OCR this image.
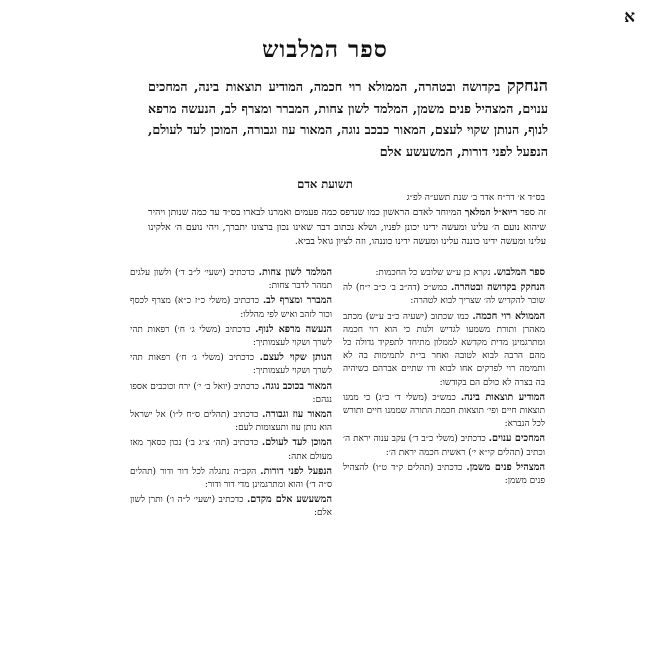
א
ספר המלבוש
הנחקק בקדושה ובטהרה, הממולא רוי חכמה, המודיע תוצאות בינה, המחכים ענוים, המצהיל פנים משמן, המלמד לשון צחות, המברר ומצרף לב, הנעשה מרפא לנוף, הנותן שקוי לעצם, המאור כבכב נוגה, המאור עוז וגבורה, המוכן לעד לעולם, הנפעל לפני דורות, המשעשע אלם
תשועת אדם
בס״ד א׳ דר״ח אדר ב׳ שנת תשע״ה לפ״ג
זה ספר ריוא״ל המלאך המיוחד לאדם הראשון כמו שנדפס כמה פעמים ואמרנו לבארו בס״ד עד כמה שנותן ויהיר שיהוא נועם ה׳ עלינו ומעשה ידינו יכונן לפניו, ושלא נכתוב דבר שאינו נכון ברצונו יתברך, ויהי נועם ה׳ אלקינו עלינו ומעשה ידינו כוננה עלינו ומעשה ידינו כוננהו, וזה לציון גואל בביא.
ספר המלבוש. נקרא כן ע״ש שלובש כל החכמות:
הנחקק בקדושה ובטהרה. כמש״כ (דה״ב ב׳ כ״ב י״ח) לה שוכר להקדיש לה׳ שצריך לבוא לטהרה:
הממולא רוי חכמה. כמו שכתוב (ישעיה כ״ב ע״ש) מכתב מאהרן ותורת משמעו לגדיש ולנות כי הוא רוי חכמה ומתרגמינן מדית מקדשא לממלון מתיחד לתפקיד גדולה כל מהם הרבה לבוא לטובה ואחר בי״ת לתמימות בה לא ותמימה רוי לפרקים אחו לבוא ודו שתיים אברהם כשיהיה בה בצרה לא כולם הם בקודשו:
המודיע תוצאות בינה. כמש״כ (משלי ד׳ כ״ג) כי ממנו תוצאות חיים ופי׳ תוצאות חכמת התורה שממנו חיים ותורש לכל הנברא:
המחכים ענוים. כדכתיב (משלי כ״ב ד׳) עקב ענוה יראת ה׳ וכתיב (תהלים קי״א י׳) ראשית חכמה יראת ה׳:
המצהיל פנים משמן. כדכתיב (תהלים ק״ד ט״ו) להצהיל פנים משמן:
המלמד לשון צחות. כדכתיב (ישעי׳ ל״ב ד׳) ולשון עלגים תמהר לדבר צחות:
המברר ומצרף לב. כדכתיב (משלי כ״ז כ״א) מצרף לכסף וכור לזהב ואיש לפי מהללו:
הנעשה מרפא לנוף. כדכתיב (משלי ג׳ ח׳) רפאות תהי לשרך ושקוי לעצמותיך:
הנותן שקוי לעצם. כדכתיב (משלי ג׳ ח׳) רפאות תהי לשרך ושקוי לעצמותיך:
המאור בכוכב נוגה. כדכתיב (יואל ב׳ י׳) ירח וכוכבים אספו נגהם:
המאור עוז וגבורה. כדכתיב (תהלים ס״ח ל״ו) אל ישראל הוא נותן עוז ותעצומות לעם:
המוכן לעד לעולם. כדכתיב (תה׳ צ״ג ב׳) נכון כסאך מאז מעולם אתה:
הנפעל לפני דורות. הקב״ה נתגלה לכל דור ודור (תהלים ס״ה ד׳) והוא ומתרגמינן מדי דור ודור:
המשעשע אלם מקדם. כדכתיב (ישעי׳ ל״ה ו׳) ותרן לשון אלם:
